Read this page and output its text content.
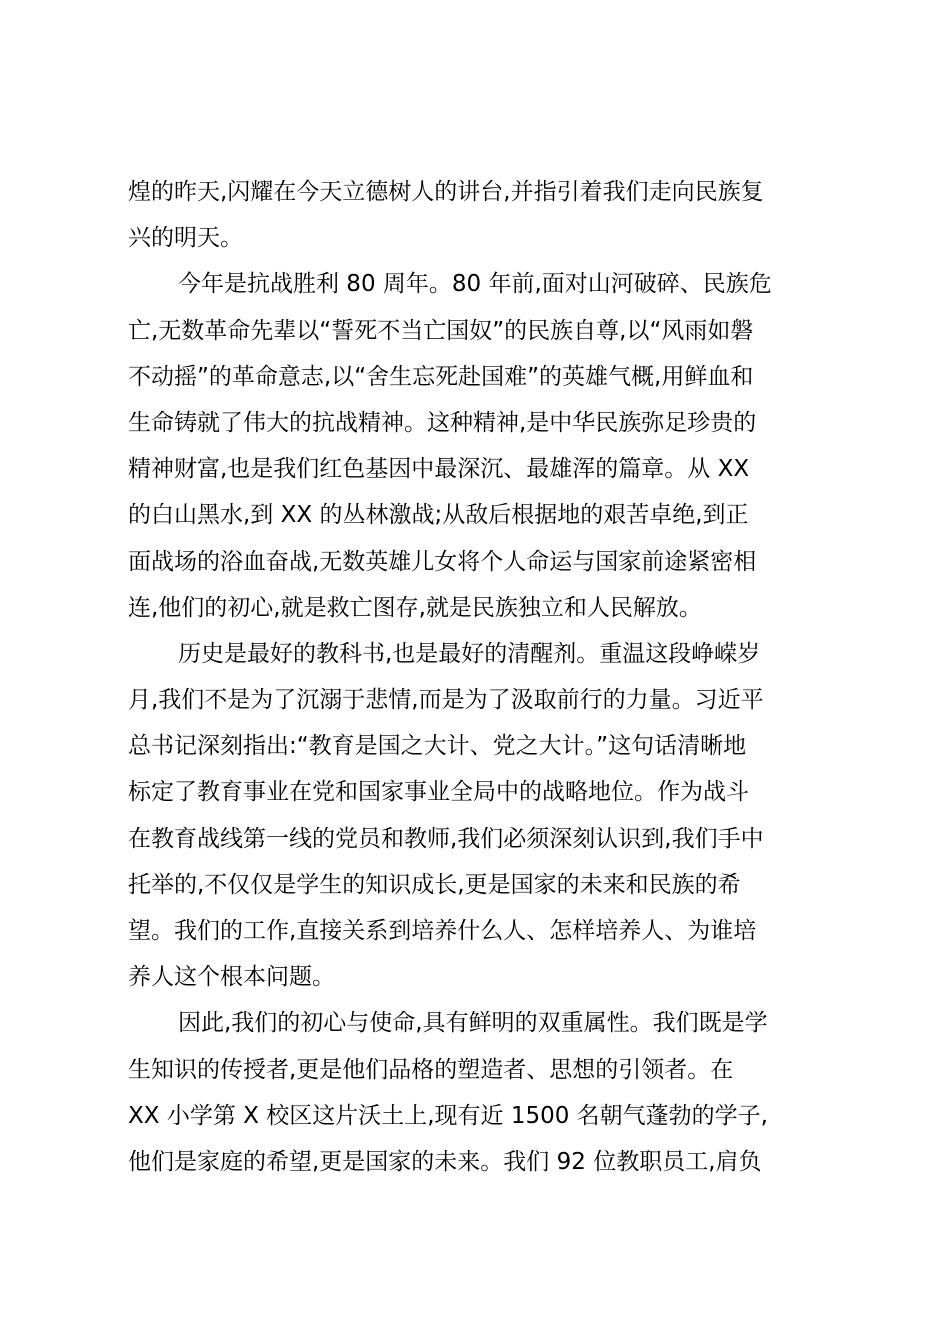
煌的昨天,闪耀在今天立德树人的讲台,并指引着我们走向民族复
兴的明天。
今年是抗战胜利 80 周年。80 年前,面对山河破碎、民族危
亡,无数革命先辈以“誓死不当亡国奴”的民族自尊,以“风雨如磐
不动摇”的革命意志,以“舍生忘死赴国难”的英雄气概,用鲜血和
生命铸就了伟大的抗战精神。这种精神,是中华民族弥足珍贵的
精神财富,也是我们红色基因中最深沉、最雄浑的篇章。从 XX
的白山黑水,到 XX 的丛林激战;从敌后根据地的艰苦卓绝,到正
面战场的浴血奋战,无数英雄儿女将个人命运与国家前途紧密相
连,他们的初心,就是救亡图存,就是民族独立和人民解放。
历史是最好的教科书,也是最好的清醒剂。重温这段峥嵘岁
月,我们不是为了沉溺于悲情,而是为了汲取前行的力量。习近平
总书记深刻指出:“教育是国之大计、党之大计。”这句话清晰地
标定了教育事业在党和国家事业全局中的战略地位。作为战斗
在教育战线第一线的党员和教师,我们必须深刻认识到,我们手中
托举的,不仅仅是学生的知识成长,更是国家的未来和民族的希
望。我们的工作,直接关系到培养什么人、怎样培养人、为谁培
养人这个根本问题。
因此,我们的初心与使命,具有鲜明的双重属性。我们既是学
生知识的传授者,更是他们品格的塑造者、思想的引领者。在
XX 小学第 X 校区这片沃土上,现有近 1500 名朝气蓬勃的学子,
他们是家庭的希望,更是国家的未来。我们 92 位教职员工,肩负
